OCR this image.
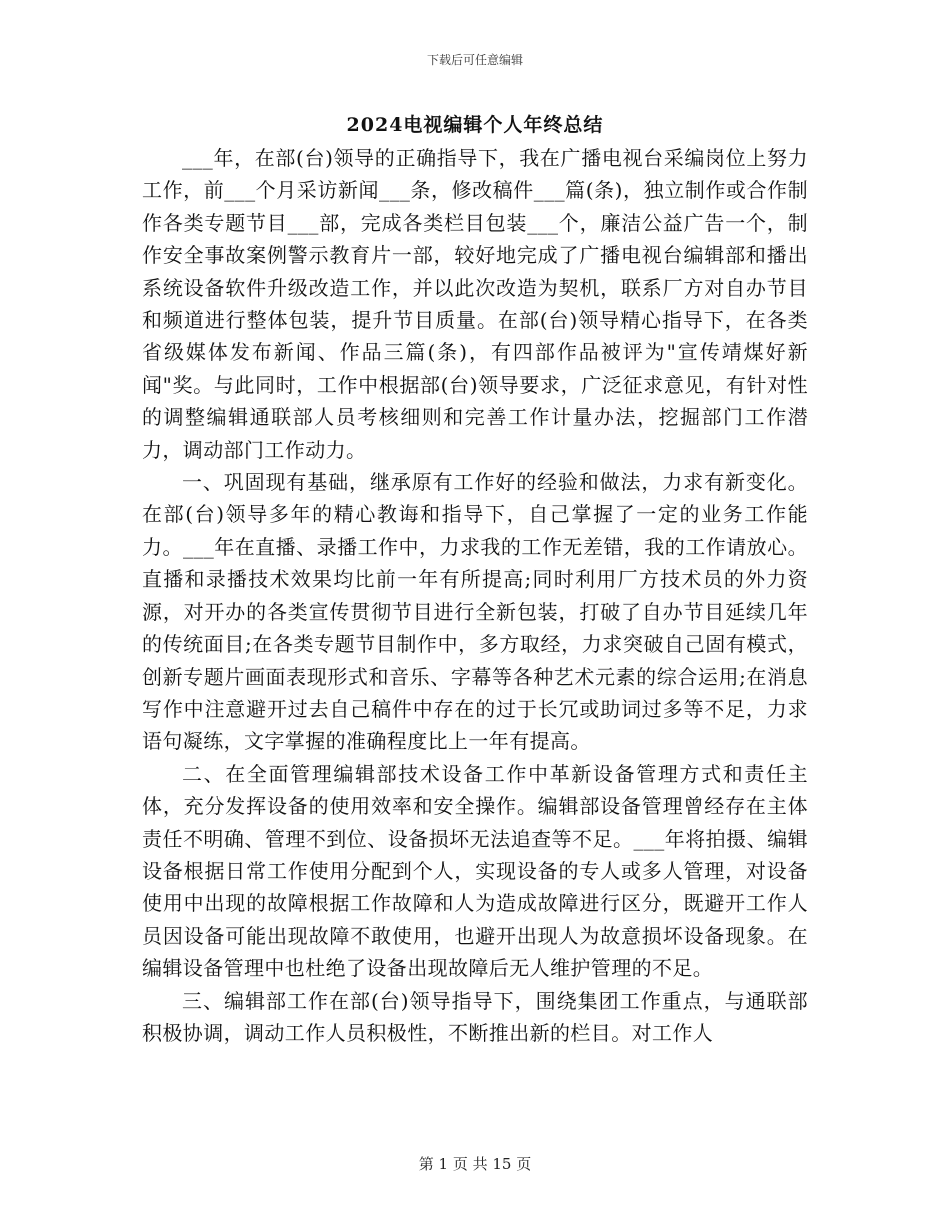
下载后可任意编辑
2024电视编辑个人年终总结

___年，在部(台)领导的正确指导下，我在广播电视台采编岗位上努力工作，前___个月采访新闻___条，修改稿件___篇(条)，独立制作或合作制作各类专题节目___部，完成各类栏目包装___个，廉洁公益广告一个，制作安全事故案例警示教育片一部，较好地完成了广播电视台编辑部和播出系统设备软件升级改造工作，并以此次改造为契机，联系厂方对自办节目和频道进行整体包装，提升节目质量。在部(台)领导精心指导下，在各类省级媒体发布新闻、作品三篇(条)，有四部作品被评为"宣传靖煤好新闻"奖。与此同时，工作中根据部(台)领导要求，广泛征求意见，有针对性的调整编辑通联部人员考核细则和完善工作计量办法，挖掘部门工作潜力，调动部门工作动力。

一、巩固现有基础，继承原有工作好的经验和做法，力求有新变化。在部(台)领导多年的精心教诲和指导下，自己掌握了一定的业务工作能力。___年在直播、录播工作中，力求我的工作无差错，我的工作请放心。直播和录播技术效果均比前一年有所提高;同时利用厂方技术员的外力资源，对开办的各类宣传贯彻节目进行全新包装，打破了自办节目延续几年的传统面目;在各类专题节目制作中，多方取经，力求突破自己固有模式，创新专题片画面表现形式和音乐、字幕等各种艺术元素的综合运用;在消息写作中注意避开过去自己稿件中存在的过于长冗或助词过多等不足，力求语句凝练，文字掌握的准确程度比上一年有提高。

二、在全面管理编辑部技术设备工作中革新设备管理方式和责任主体，充分发挥设备的使用效率和安全操作。编辑部设备管理曾经存在主体责任不明确、管理不到位、设备损坏无法追查等不足。___年将拍摄、编辑设备根据日常工作使用分配到个人，实现设备的专人或多人管理，对设备使用中出现的故障根据工作故障和人为造成故障进行区分，既避开工作人员因设备可能出现故障不敢使用，也避开出现人为故意损坏设备现象。在编辑设备管理中也杜绝了设备出现故障后无人维护管理的不足。

三、编辑部工作在部(台)领导指导下，围绕集团工作重点，与通联部积极协调，调动工作人员积极性，不断推出新的栏目。对工作人

第 1 页 共 15 页
